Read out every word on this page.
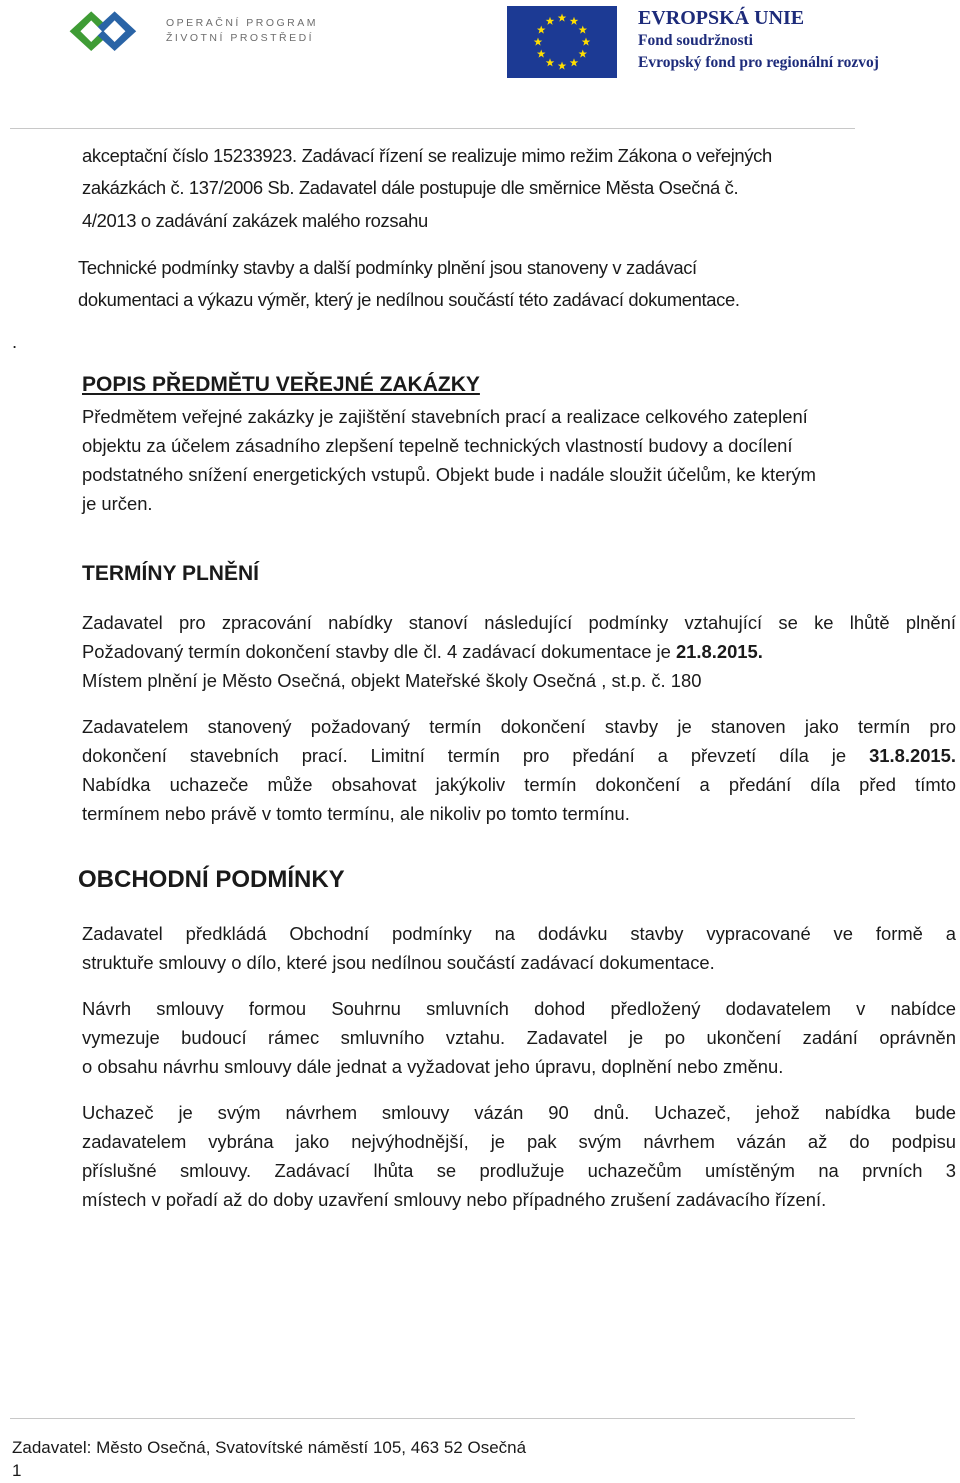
OPERAČNÍ PROGRAM
ŽIVOTNÍ PROSTŘEDÍ
EVROPSKÁ UNIE
Fond soudržnosti
Evropský fond pro regionální rozvoj
akceptační číslo 15233923. Zadávací řízení se realizuje mimo režim Zákona o veřejných
zakázkách č. 137/2006 Sb. Zadavatel dále postupuje dle směrnice Města Osečná č.
4/2013 o zadávání zakázek malého rozsahu
Technické podmínky stavby a další podmínky plnění jsou stanoveny v zadávací
dokumentaci a výkazu výměr, který je nedílnou součástí této zadávací dokumentace.
.
POPIS PŘEDMĚTU VEŘEJNÉ ZAKÁZKY
Předmětem veřejné zakázky je zajištění stavebních prací a realizace celkového zateplení
objektu za účelem zásadního zlepšení tepelně technických vlastností budovy a docílení
podstatného snížení energetických vstupů. Objekt bude i nadále sloužit účelům, ke kterým
je určen.
TERMÍNY PLNĚNÍ
Zadavatel pro zpracování nabídky stanoví následující podmínky vztahující se ke lhůtě plnění
Požadovaný termín dokončení stavby dle čl. 4 zadávací dokumentace je 21.8.2015.
Místem plnění je Město Osečná, objekt Mateřské školy Osečná , st.p. č. 180
Zadavatelem stanovený požadovaný termín dokončení stavby je stanoven jako termín pro
dokončení stavebních prací. Limitní termín pro předání a převzetí díla je 31.8.2015.
Nabídka uchazeče může obsahovat jakýkoliv termín dokončení a předání díla před tímto
termínem nebo právě v tomto termínu, ale nikoliv po tomto termínu.
OBCHODNÍ PODMÍNKY
Zadavatel předkládá Obchodní podmínky na dodávku stavby vypracované ve formě a
struktuře smlouvy o dílo, které jsou nedílnou součástí zadávací dokumentace.
Návrh smlouvy formou Souhrnu smluvních dohod předložený dodavatelem v nabídce
vymezuje budoucí rámec smluvního vztahu. Zadavatel je po ukončení zadání oprávněn
o obsahu návrhu smlouvy dále jednat a vyžadovat jeho úpravu, doplnění nebo změnu.
Uchazeč je svým návrhem smlouvy vázán 90 dnů. Uchazeč, jehož nabídka bude
zadavatelem vybrána jako nejvýhodnější, je pak svým návrhem vázán až do podpisu
příslušné smlouvy. Zadávací lhůta se prodlužuje uchazečům umístěným na prvních 3
místech v pořadí až do doby uzavření smlouvy nebo případného zrušení zadávacího řízení.
Zadavatel: Město Osečná, Svatovítské náměstí 105, 463 52 Osečná
1
